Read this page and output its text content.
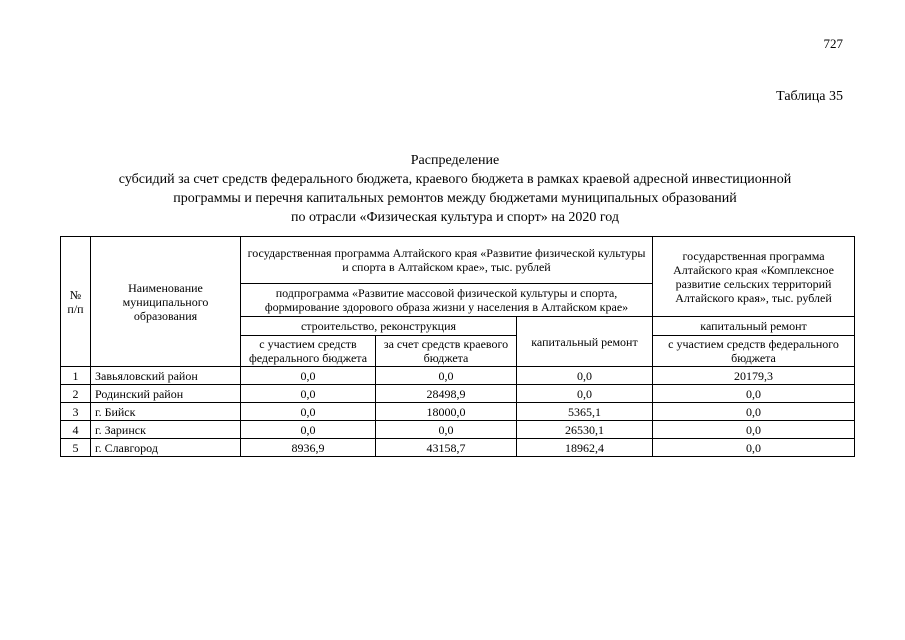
727
Таблица 35
Распределение
субсидий за счет средств федерального бюджета, краевого бюджета в рамках краевой адресной инвестиционной
программы и перечня капитальных ремонтов между бюджетами муниципальных образований
по отрасли «Физическая культура и спорт» на 2020 год
№ п/п	Наименование муниципального образования	государственная программа Алтайского края «Развитие физической культуры и спорта в Алтайском крае», тыс. рублей			государственная программа Алтайского края «Комплексное развитие сельских территорий Алтайского края», тыс. рублей
		подпрограмма «Развитие массовой физической культуры и спорта, формирование здорового образа жизни у населения в Алтайском крае»			
		строительство, реконструкция		капитальный ремонт	капитальный ремонт
		с участием средств федерального бюджета	за счет средств краевого бюджета		с участием средств федерального бюджета
1	Завьяловский район	0,0	0,0	0,0	20179,3
2	Родинский район	0,0	28498,9	0,0	0,0
3	г. Бийск	0,0	18000,0	5365,1	0,0
4	г. Заринск	0,0	0,0	26530,1	0,0
5	г. Славгород	8936,9	43158,7	18962,4	0,0
